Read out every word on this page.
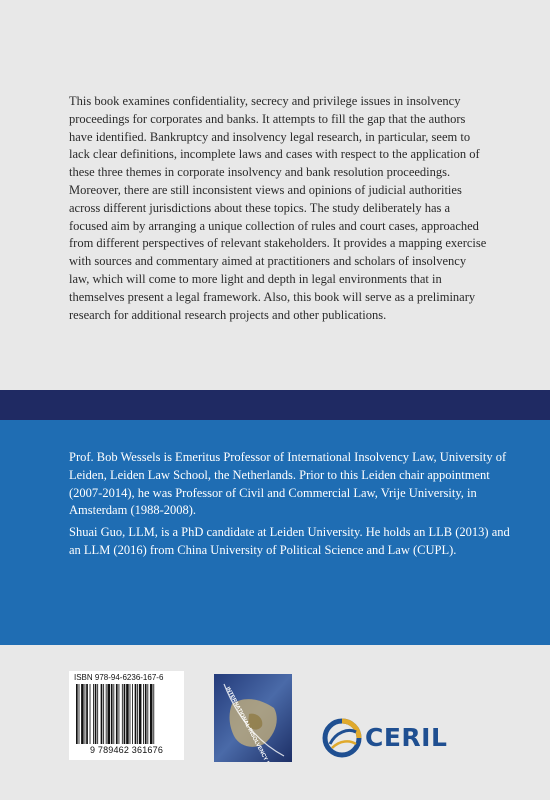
This book examines confidentiality, secrecy and privilege issues in insolvency proceedings for corporates and banks. It attempts to fill the gap that the authors have identified. Bankruptcy and insolvency legal research, in particular, seem to lack clear definitions, incomplete laws and cases with respect to the application of these three themes in corporate insolvency and bank resolution proceedings. Moreover, there are still inconsistent views and opinions of judicial authorities across different jurisdictions about these topics. The study deliberately has a focused aim by arranging a unique collection of rules and court cases, approached from different perspectives of relevant stakeholders. It provides a mapping exercise with sources and commentary aimed at practitioners and scholars of insolvency law, which will come to more light and depth in legal environments that in themselves present a legal framework. Also, this book will serve as a preliminary research for additional research projects and other publications.

Prof. Bob Wessels is Emeritus Professor of International Insolvency Law, University of Leiden, Leiden Law School, the Netherlands. Prior to this Leiden chair appointment (2007-2014), he was Professor of Civil and Commercial Law, Vrije University, in Amsterdam (1988-2008).

Shuai Guo, LLM, is a PhD candidate at Leiden University. He holds an LLB (2013) and an LLM (2016) from China University of Political Science and Law (CUPL).

ISBN 978-94-6236-167-6
9 789462 361676
INTERNATIONAL INSOLVENCY	CERIL
